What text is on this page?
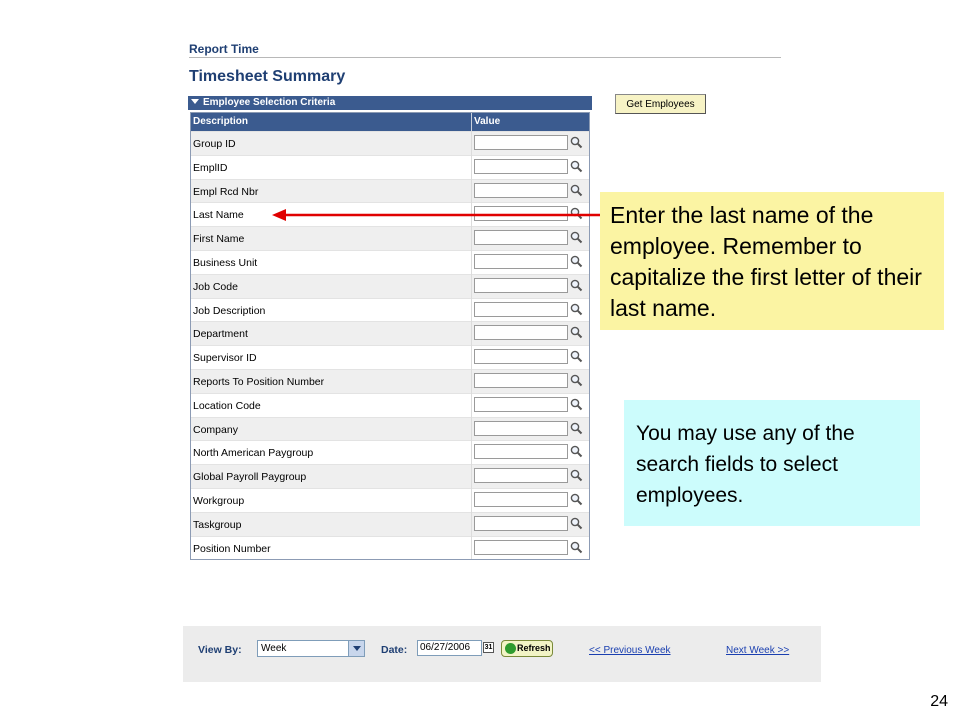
Report Time
Timesheet Summary
Employee Selection Criteria
Description	Value
Group ID
EmplID
Empl Rcd Nbr
Last Name
First Name
Business Unit
Job Code
Job Description
Department
Supervisor ID
Reports To Position Number
Location Code
Company
North American Paygroup
Global Payroll Paygroup
Workgroup
Taskgroup
Position Number
Get Employees
Enter the last name of the employee. Remember to capitalize the first letter of their last name.
You may use any of the search fields to select employees.
View By:	Week	Date:	06/27/2006	31	Refresh	<< Previous Week	Next Week >>
24
